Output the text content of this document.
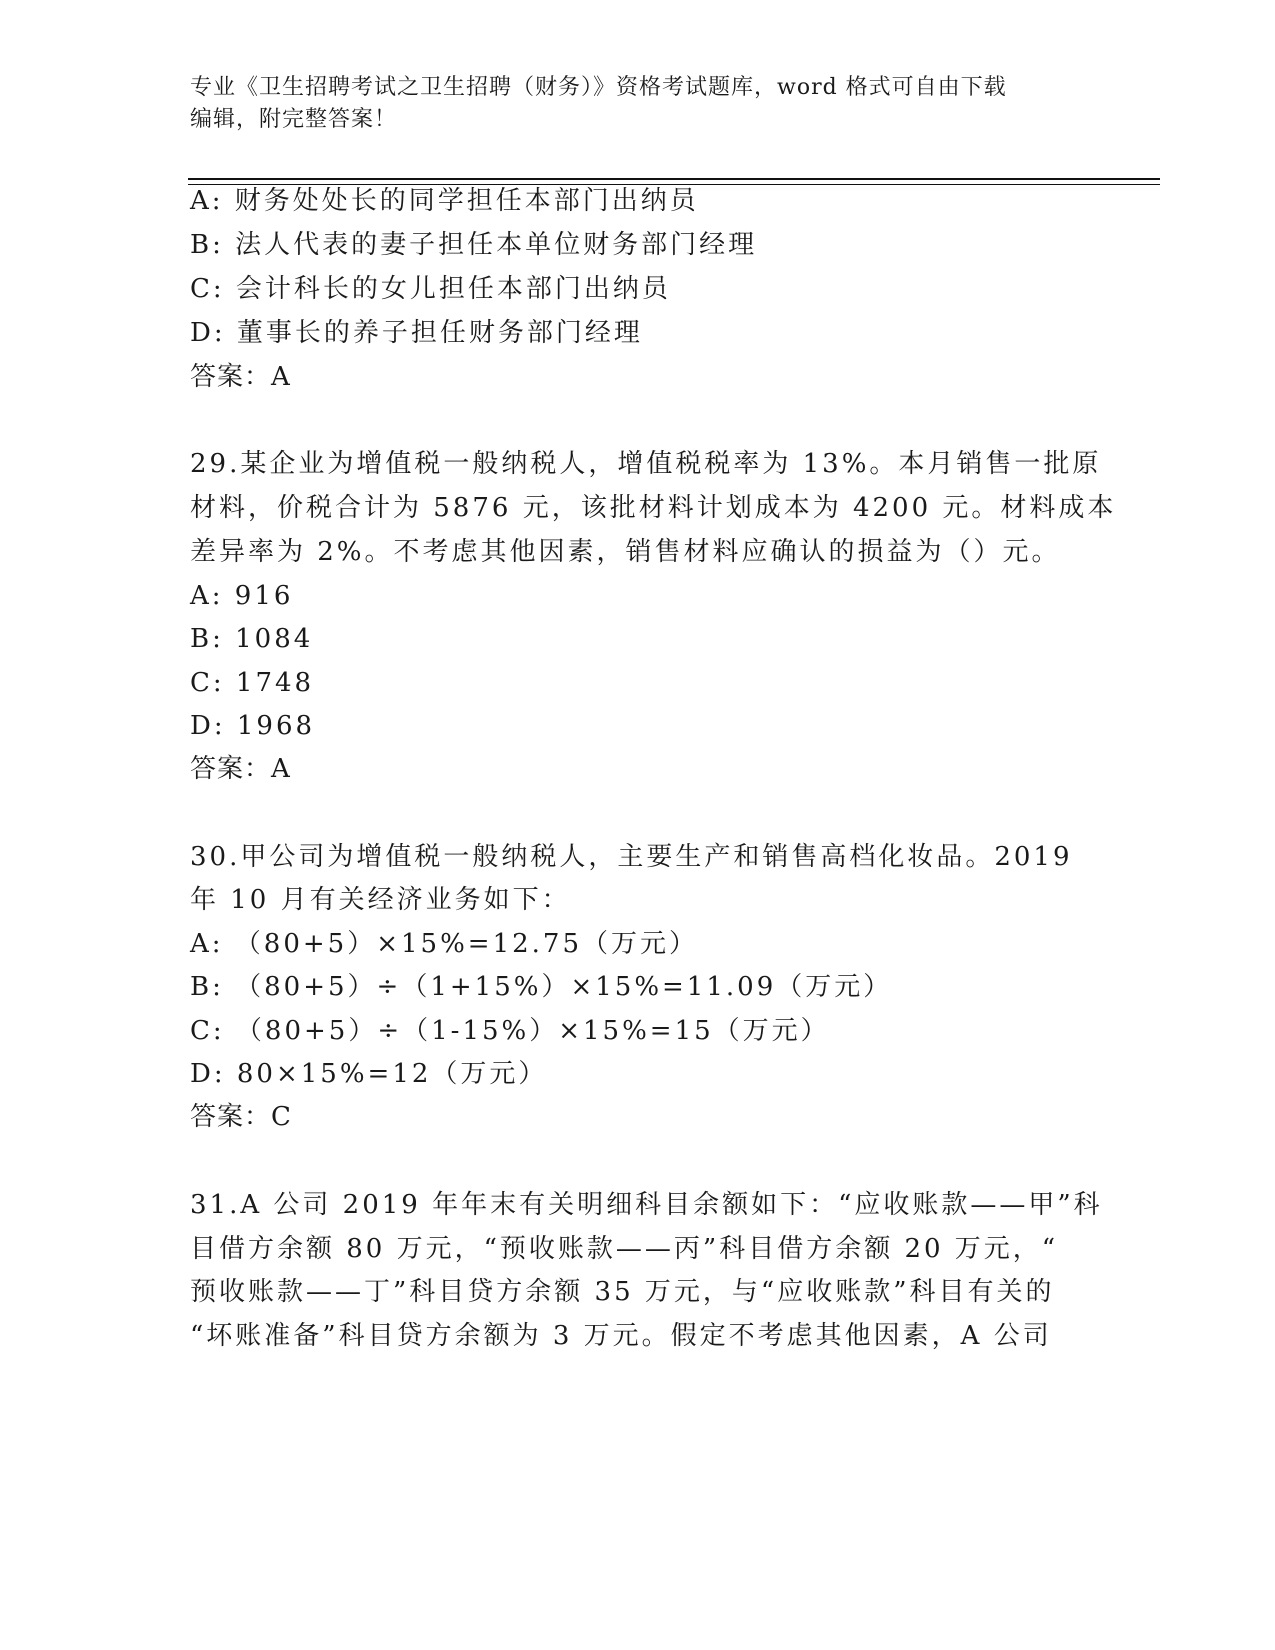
专业《卫生招聘考试之卫生招聘（财务）》资格考试题库，word 格式可自由下载
编辑，附完整答案！
A: 财务处处长的同学担任本部门出纳员
B: 法人代表的妻子担任本单位财务部门经理
C: 会计科长的女儿担任本部门出纳员
D: 董事长的养子担任财务部门经理
答案：A
29.某企业为增值税一般纳税人，增值税税率为 13%。本月销售一批原
材料，价税合计为 5876 元，该批材料计划成本为 4200 元。材料成本
差异率为 2%。不考虑其他因素，销售材料应确认的损益为（）元。
A: 916
B: 1084
C: 1748
D: 1968
答案：A
30.甲公司为增值税一般纳税人，主要生产和销售高档化妆品。2019
年 10 月有关经济业务如下：
A: （80+5）×15%=12.75（万元）
B: （80+5）÷（1+15%）×15%=11.09（万元）
C: （80+5）÷（1-15%）×15%=15（万元）
D: 80×15%=12（万元）
答案：C
31.A 公司 2019 年年末有关明细科目余额如下：“应收账款——甲”科
目借方余额 80 万元，“预收账款——丙”科目借方余额 20 万元，“
预收账款——丁”科目贷方余额 35 万元，与“应收账款”科目有关的
“坏账准备”科目贷方余额为 3 万元。假定不考虑其他因素，A 公司
